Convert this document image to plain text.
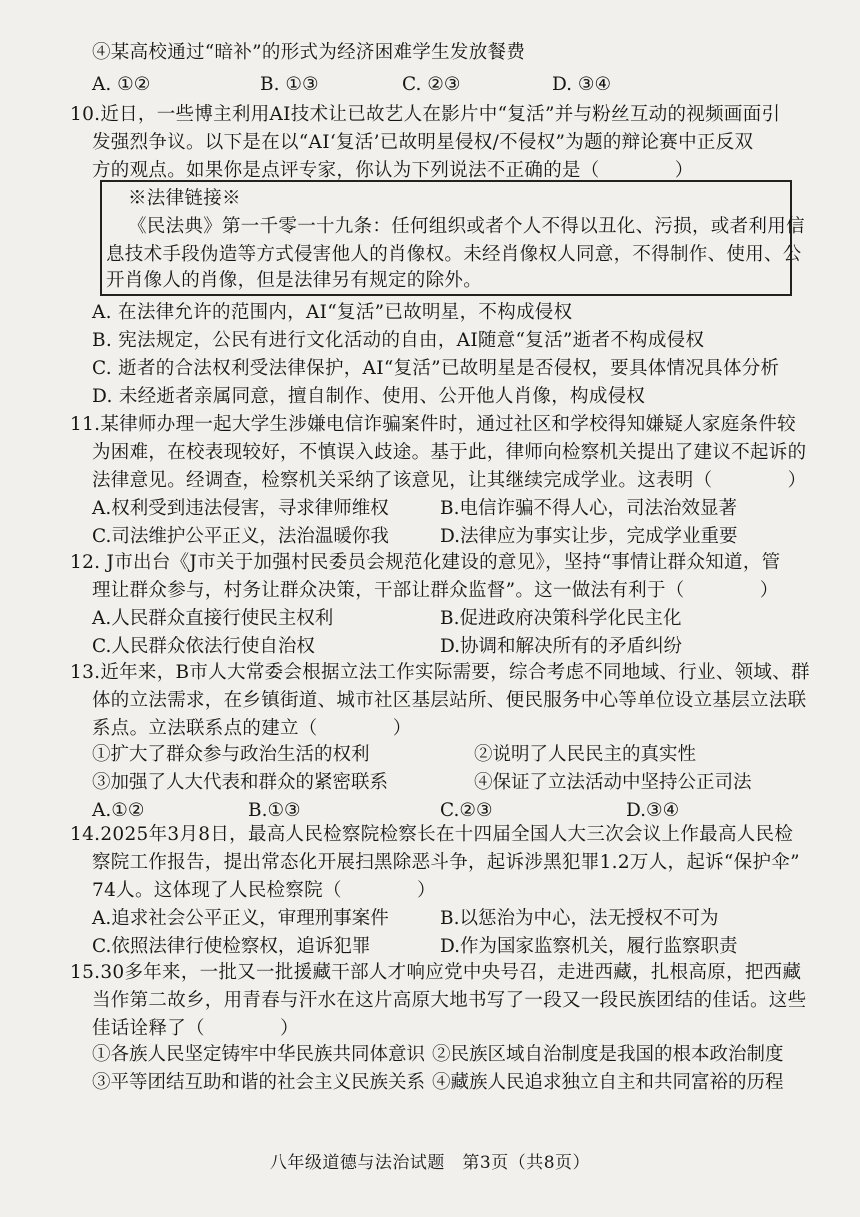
④某高校通过“暗补”的形式为经济困难学生发放餐费
A. ①②	B. ①③	C. ②③	D. ③④
10.近日，一些博主利用AI技术让已故艺人在影片中“复活”并与粉丝互动的视频画面引
发强烈争议。以下是在以“AI‘复活’已故明星侵权/不侵权”为题的辩论赛中正反双
方的观点。如果你是点评专家，你认为下列说法不正确的是（　　　　）
※法律链接※
《民法典》第一千零一十九条：任何组织或者个人不得以丑化、污损，或者利用信
息技术手段伪造等方式侵害他人的肖像权。未经肖像权人同意，不得制作、使用、公
开肖像人的肖像，但是法律另有规定的除外。
A. 在法律允许的范围内，AI“复活”已故明星，不构成侵权
B. 宪法规定，公民有进行文化活动的自由，AI随意“复活”逝者不构成侵权
C. 逝者的合法权利受法律保护，AI“复活”已故明星是否侵权，要具体情况具体分析
D. 未经逝者亲属同意，擅自制作、使用、公开他人肖像，构成侵权
11.某律师办理一起大学生涉嫌电信诈骗案件时，通过社区和学校得知嫌疑人家庭条件较
为困难，在校表现较好，不慎误入歧途。基于此，律师向检察机关提出了建议不起诉的
法律意见。经调查，检察机关采纳了该意见，让其继续完成学业。这表明（　　　　）
A.权利受到违法侵害，寻求律师维权	B.电信诈骗不得人心，司法治效显著
C.司法维护公平正义，法治温暖你我	D.法律应为事实让步，完成学业重要
12. J市出台《J市关于加强村民委员会规范化建设的意见》，坚持“事情让群众知道，管
理让群众参与，村务让群众决策，干部让群众监督”。这一做法有利于（　　　　）
A.人民群众直接行使民主权利	B.促进政府决策科学化民主化
C.人民群众依法行使自治权	D.协调和解决所有的矛盾纠纷
13.近年来，B市人大常委会根据立法工作实际需要，综合考虑不同地域、行业、领域、群
体的立法需求，在乡镇街道、城市社区基层站所、便民服务中心等单位设立基层立法联
系点。立法联系点的建立（　　　　）
①扩大了群众参与政治生活的权利	②说明了人民民主的真实性
③加强了人大代表和群众的紧密联系	④保证了立法活动中坚持公正司法
A.①②	B.①③	C.②③	D.③④
14.2025年3月8日，最高人民检察院检察长在十四届全国人大三次会议上作最高人民检
察院工作报告，提出常态化开展扫黑除恶斗争，起诉涉黑犯罪1.2万人，起诉“保护伞”
74人。这体现了人民检察院（　　　　）
A.追求社会公平正义，审理刑事案件	B.以惩治为中心，法无授权不可为
C.依照法律行使检察权，追诉犯罪	D.作为国家监察机关，履行监察职责
15.30多年来，一批又一批援藏干部人才响应党中央号召，走进西藏，扎根高原，把西藏
当作第二故乡，用青春与汗水在这片高原大地书写了一段又一段民族团结的佳话。这些
佳话诠释了（　　　　）
①各族人民坚定铸牢中华民族共同体意识 ②民族区域自治制度是我国的根本政治制度
③平等团结互助和谐的社会主义民族关系 ④藏族人民追求独立自主和共同富裕的历程
八年级道德与法治试题　第3页（共8页）
